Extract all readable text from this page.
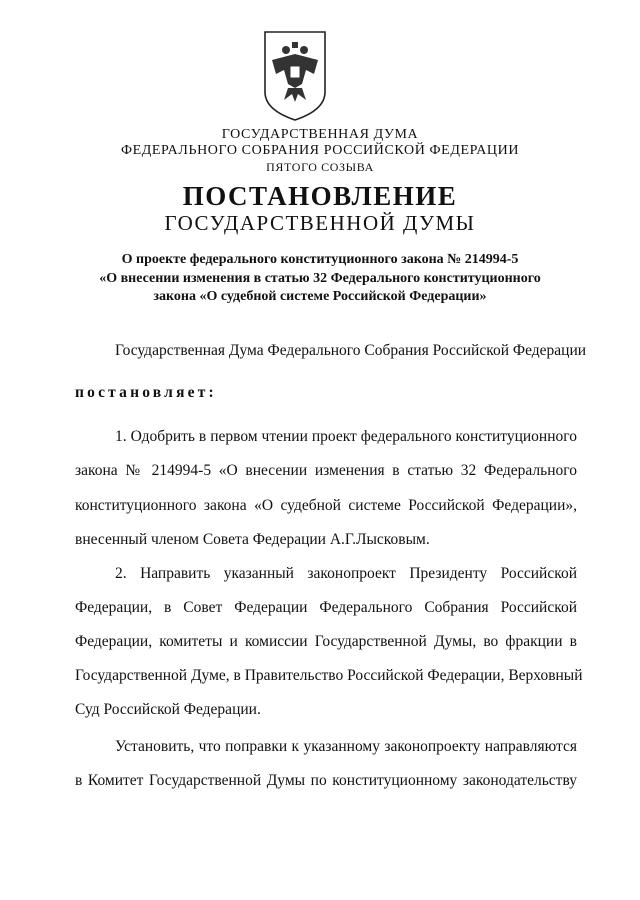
ГОСУДАРСТВЕННАЯ ДУМА
ФЕДЕРАЛЬНОГО СОБРАНИЯ РОССИЙСКОЙ ФЕДЕРАЦИИ
ПЯТОГО СОЗЫВА
ПОСТАНОВЛЕНИЕ
ГОСУДАРСТВЕННОЙ ДУМЫ
О проекте федерального конституционного закона № 214994-5
«О внесении изменения в статью 32 Федерального конституционного
закона «О судебной системе Российской Федерации»
Государственная Дума Федерального Собрания Российской Федерации
постановляет:
1. Одобрить в первом чтении проект федерального конституционного
закона № 214994-5 «О внесении изменения в статью 32 Федерального
конституционного закона «О судебной системе Российской Федерации»,
внесенный членом Совета Федерации А.Г.Лысковым.
2. Направить указанный законопроект Президенту Российской
Федерации, в Совет Федерации Федерального Собрания Российской
Федерации, комитеты и комиссии Государственной Думы, во фракции в
Государственной Думе, в Правительство Российской Федерации, Верховный
Суд Российской Федерации.
Установить, что поправки к указанному законопроекту направляются
в Комитет Государственной Думы по конституционному законодательству
